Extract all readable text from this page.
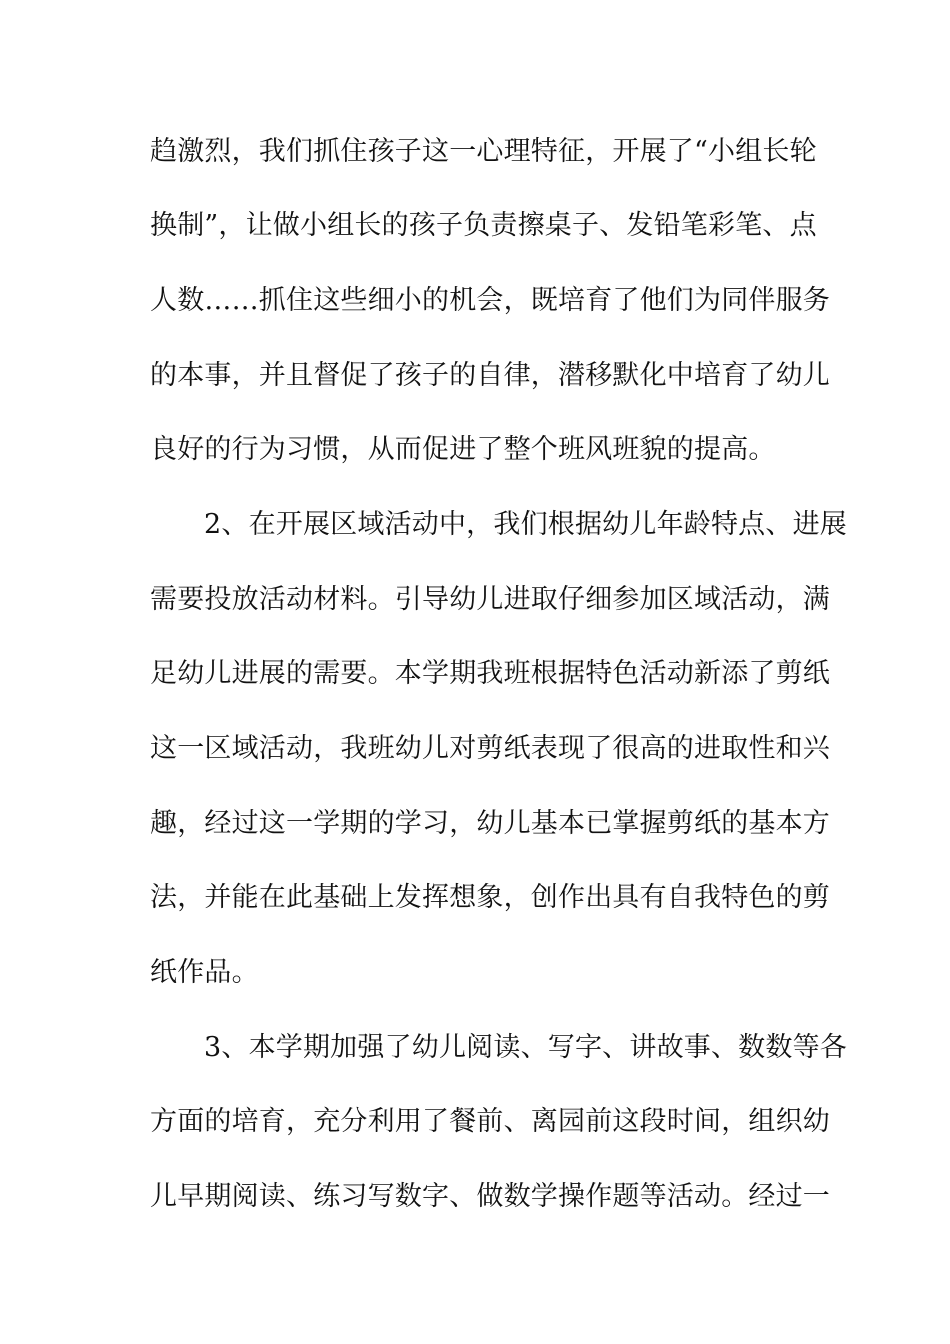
趋激烈，我们抓住孩子这一心理特征，开展了“小组长轮
换制”，让做小组长的孩子负责擦桌子、发铅笔彩笔、点
人数……抓住这些细小的机会，既培育了他们为同伴服务
的本事，并且督促了孩子的自律，潜移默化中培育了幼儿
良好的行为习惯，从而促进了整个班风班貌的提高。
2、在开展区域活动中，我们根据幼儿年龄特点、进展
需要投放活动材料。引导幼儿进取仔细参加区域活动，满
足幼儿进展的需要。本学期我班根据特色活动新添了剪纸
这一区域活动，我班幼儿对剪纸表现了很高的进取性和兴
趣，经过这一学期的学习，幼儿基本已掌握剪纸的基本方
法，并能在此基础上发挥想象，创作出具有自我特色的剪
纸作品。
3、本学期加强了幼儿阅读、写字、讲故事、数数等各
方面的培育，充分利用了餐前、离园前这段时间，组织幼
儿早期阅读、练习写数字、做数学操作题等活动。经过一
